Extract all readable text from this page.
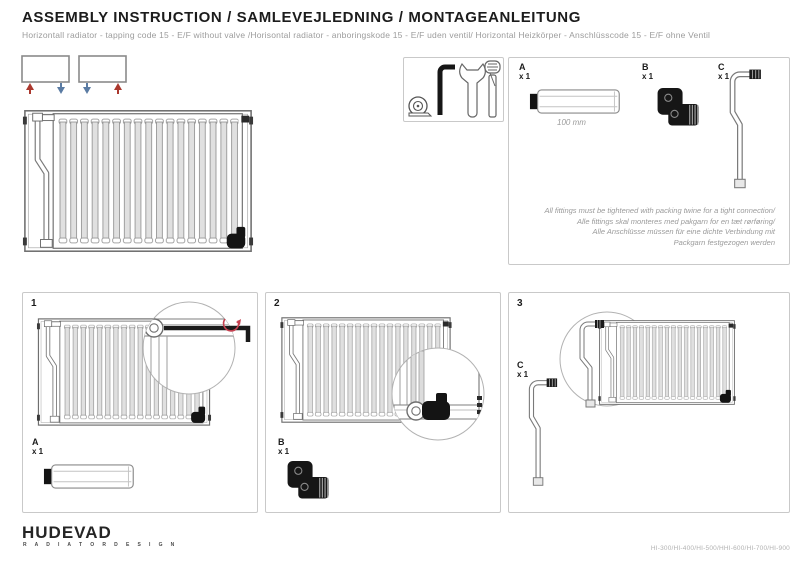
ASSEMBLY INSTRUCTION / SAMLEVEJLEDNING / MONTAGEANLEITUNG
Horizontall radiator - tapping code 15 - E/F without valve /Horisontal radiator - anboringskode 15 - E/F uden ventil/ Horizontal Heizkörper - Anschlüsscode 15 - E/F ohne Ventil
A
x 1
100 mm
B
x 1
C
x 1
All fittings must be tightened with packing twine for a tight connection/
Alle fittings skal monteres med pakgarn for en tæt rørføring/
Alle Anschlüsse müssen für eine dichte Verbindung mit
Packgarn festgezogen werden
1
A
x 1
2
B
x 1
3
C
x 1
HUDEVAD
R A D I A T O R D E S I G N	HI-300/HI-400/HI-500/HHI-600/HI-700/HI-900
